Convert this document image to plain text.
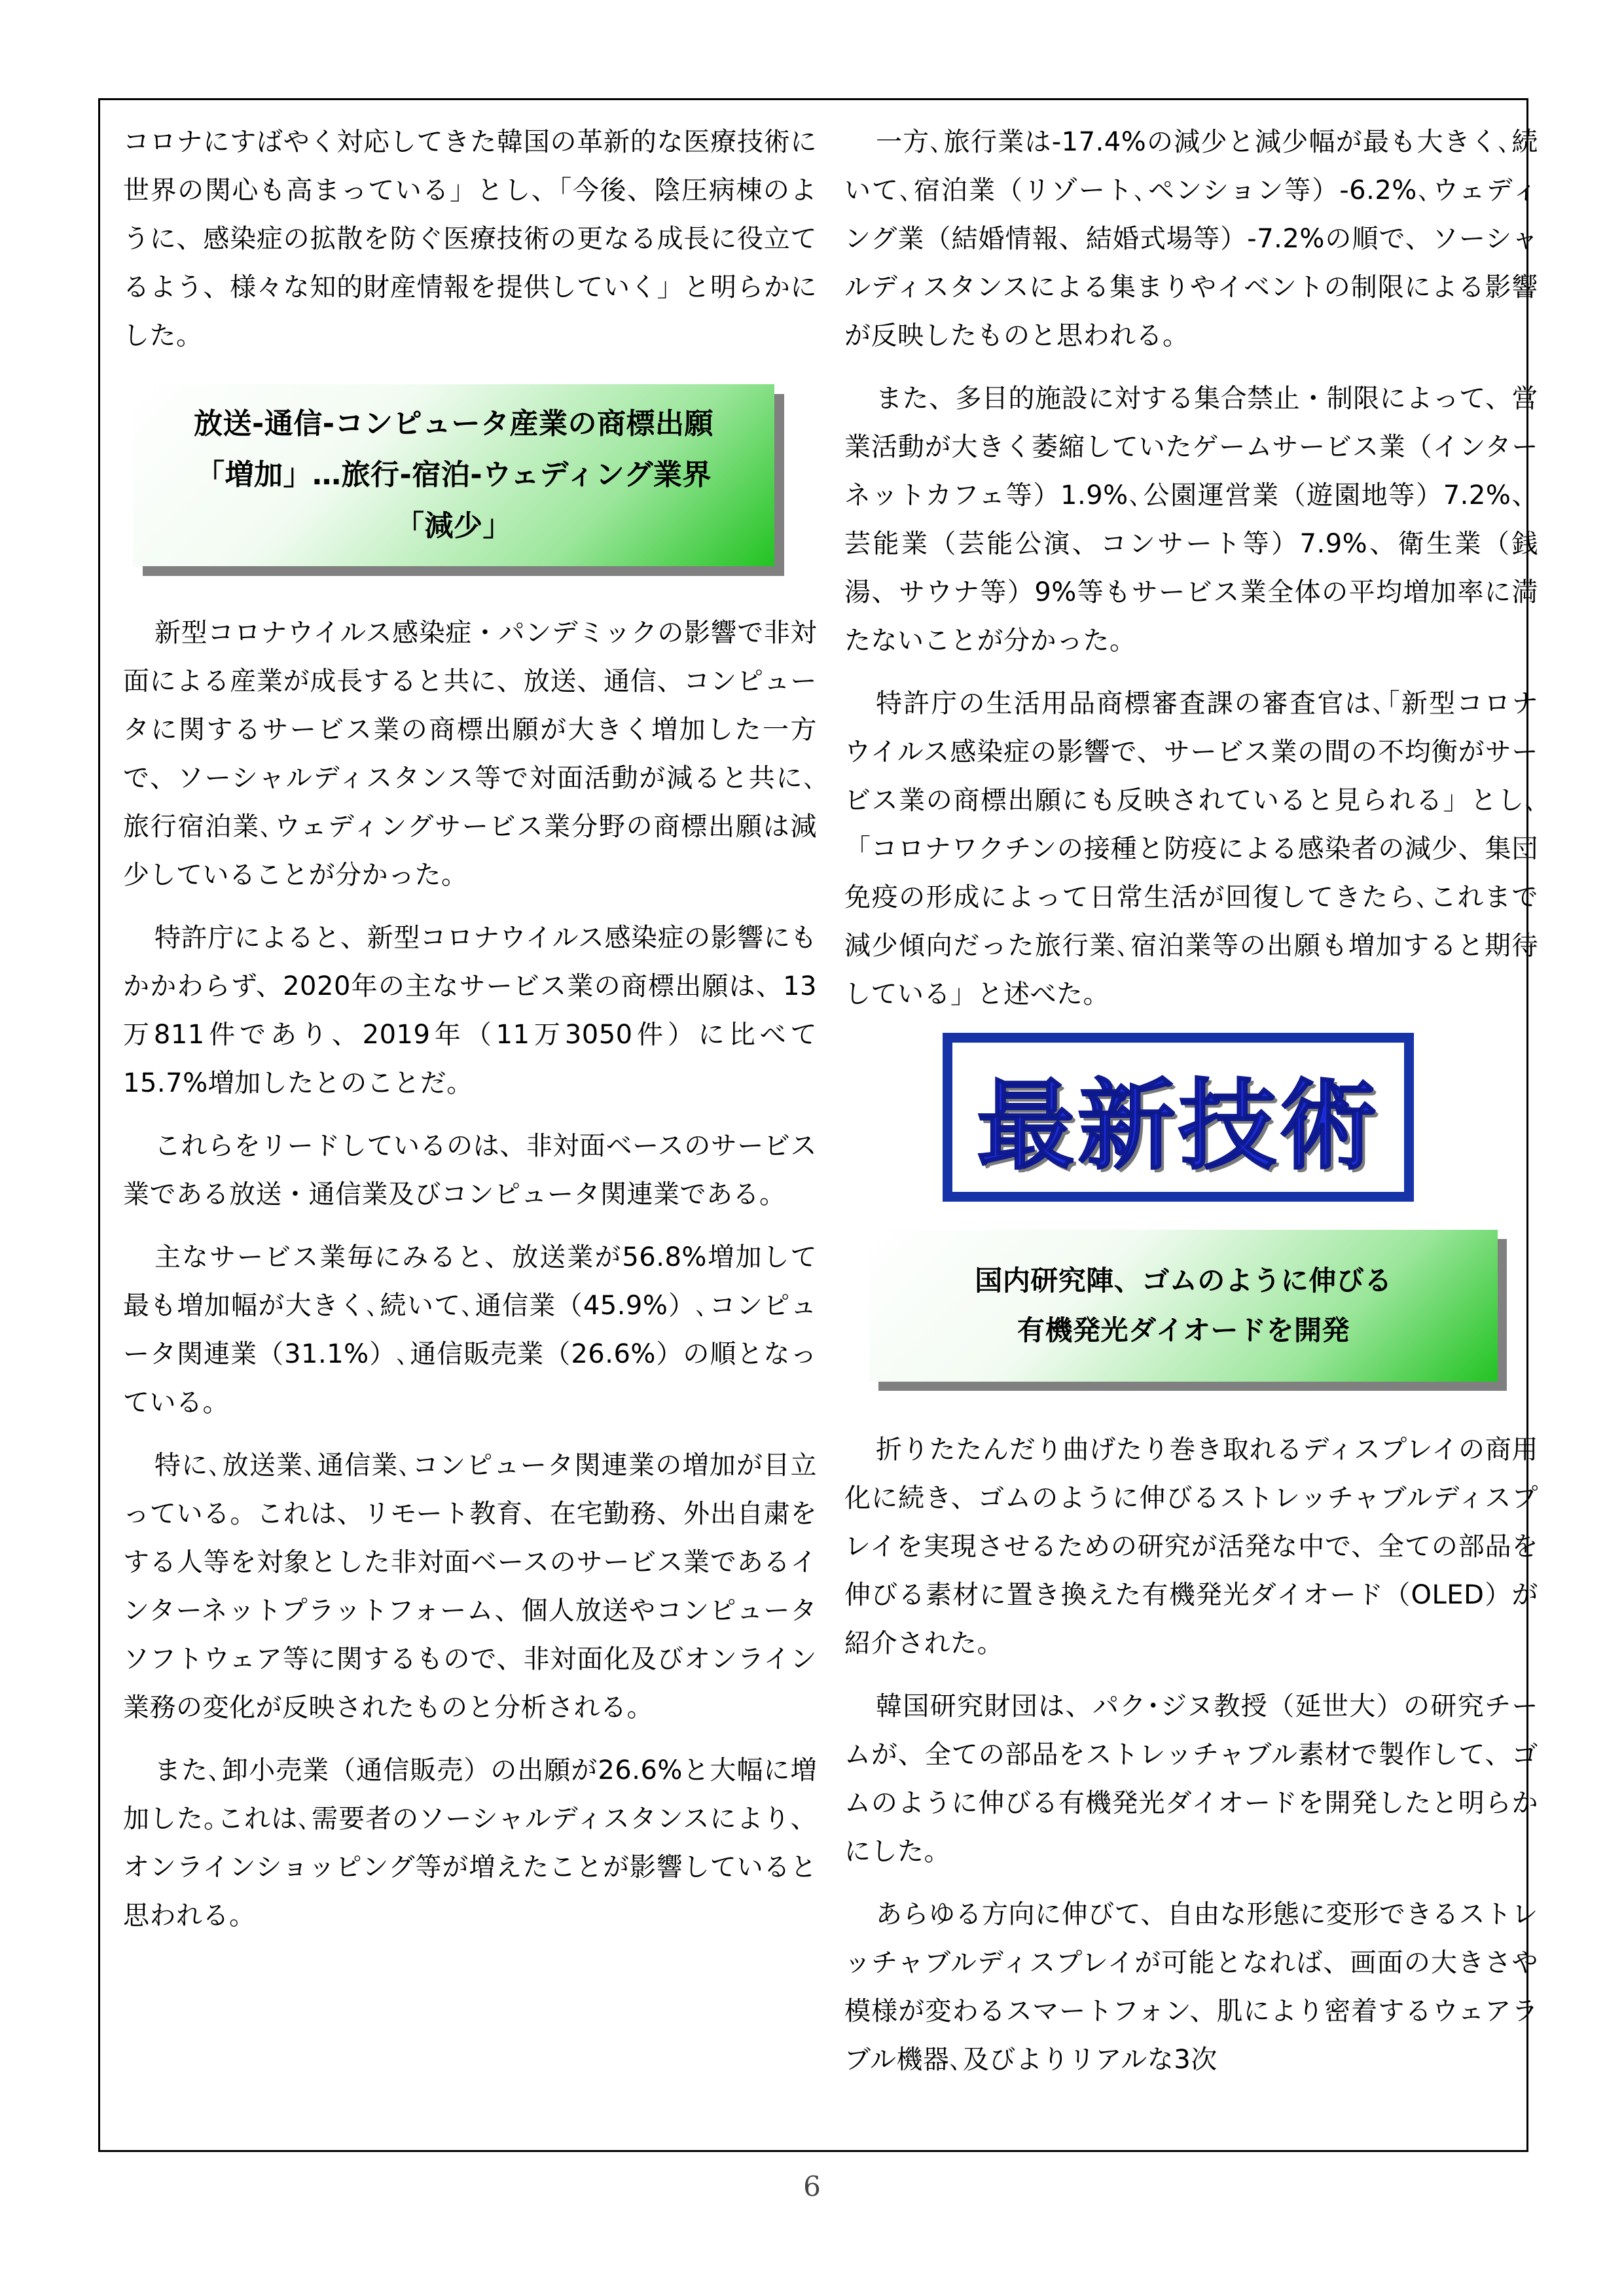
コロナにすばやく対応してきた韓国の革新的な医療技術に世界の関心も高まっている」とし、「今後、陰圧病棟のように、感染症の拡散を防ぐ医療技術の更なる成長に役立てるよう、様々な知的財産情報を提供していく」と明らかにした。

放送-通信-コンピュータ産業の商標出願
「増加」…旅行-宿泊-ウェディング業界
「減少」

新型コロナウイルス感染症・パンデミックの影響で非対面による産業が成長すると共に、放送、通信、コンピュータに関するサービス業の商標出願が大きく増加した一方で、ソーシャルディスタンス等で対面活動が減ると共に､旅行宿泊業､ウェディングサービス業分野の商標出願は減少していることが分かった。

特許庁によると、新型コロナウイルス感染症の影響にもかかわらず、2020年の主なサービス業の商標出願は、13万811件であり、2019年（11万3050件）に比べて15.7%増加したとのことだ。

これらをリードしているのは、非対面ベースのサービス業である放送・通信業及びコンピュータ関連業である。

主なサービス業毎にみると、放送業が56.8%増加して最も増加幅が大きく､続いて､通信業（45.9%）､コンピュータ関連業（31.1%）､通信販売業（26.6%）の順となっている。

特に､放送業､通信業､コンピュータ関連業の増加が目立っている。これは、リモート教育、在宅勤務、外出自粛をする人等を対象とした非対面ベースのサービス業であるインターネットプラットフォーム、個人放送やコンピュータソフトウェア等に関するもので、非対面化及びオンライン業務の変化が反映されたものと分析される。

また､卸小売業（通信販売）の出願が26.6%と大幅に増加した｡これは､需要者のソーシャルディスタンスにより、オンラインショッピング等が増えたことが影響していると思われる。

一方､旅行業は-17.4%の減少と減少幅が最も大きく､続いて､宿泊業（リゾート､ペンション等）-6.2%､ウェディング業（結婚情報、結婚式場等）-7.2%の順で、ソーシャルディスタンスによる集まりやイベントの制限による影響が反映したものと思われる。

また、多目的施設に対する集合禁止・制限によって、営業活動が大きく萎縮していたゲームサービス業（インターネットカフェ等）1.9%､公園運営業（遊園地等）7.2%、芸能業（芸能公演、コンサート等）7.9%、衛生業（銭湯、サウナ等）9%等もサービス業全体の平均増加率に満たないことが分かった。

特許庁の生活用品商標審査課の審査官は､｢新型コロナウイルス感染症の影響で、サービス業の間の不均衡がサービス業の商標出願にも反映されていると見られる」とし､「コロナワクチンの接種と防疫による感染者の減少、集団免疫の形成によって日常生活が回復してきたら､これまで減少傾向だった旅行業､宿泊業等の出願も増加すると期待している」と述べた。

最新技術
国内研究陣、ゴムのように伸びる
有機発光ダイオードを開発

折りたたんだり曲げたり巻き取れるディスプレイの商用化に続き、ゴムのように伸びるストレッチャブルディスプレイを実現させるための研究が活発な中で、全ての部品を伸びる素材に置き換えた有機発光ダイオード（OLED）が紹介された。

韓国研究財団は、パク･ジヌ教授（延世大）の研究チームが、全ての部品をストレッチャブル素材で製作して、ゴムのように伸びる有機発光ダイオードを開発したと明らかにした。

あらゆる方向に伸びて、自由な形態に変形できるストレッチャブルディスプレイが可能となれば、画面の大きさや模様が変わるスマートフォン、肌により密着するウェアラブル機器､及びよりリアルな3次

6
